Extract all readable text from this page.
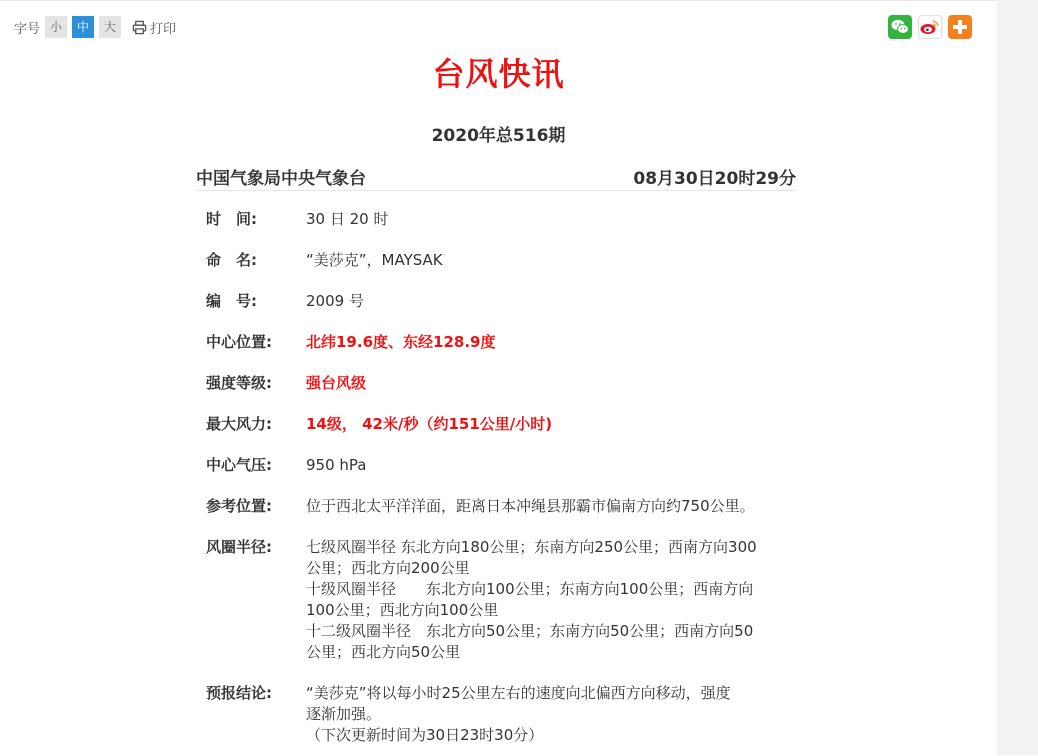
字号 小	中	大	打印
台风快讯
2020年总516期
中国气象局中央气象台	08月30日20时29分
时　间:	30 日 20 时
命　名:	“美莎克”，MAYSAK
编　号:	2009 号
中心位置:	北纬19.6度、东经128.9度
强度等级:	强台风级
最大风力:	14级， 42米/秒（约151公里/小时)
中心气压:	950 hPa
参考位置:	位于西北太平洋洋面，距离日本冲绳县那霸市偏南方向约750公里。
风圈半径:	七级风圈半径 东北方向180公里；东南方向250公里；西南方向300
公里；西北方向200公里
十级风圈半径　　东北方向100公里；东南方向100公里；西南方向
100公里；西北方向100公里
十二级风圈半径　东北方向50公里；东南方向50公里；西南方向50
公里；西北方向50公里
预报结论:	“美莎克”将以每小时25公里左右的速度向北偏西方向移动，强度
逐渐加强。
（下次更新时间为30日23时30分）
